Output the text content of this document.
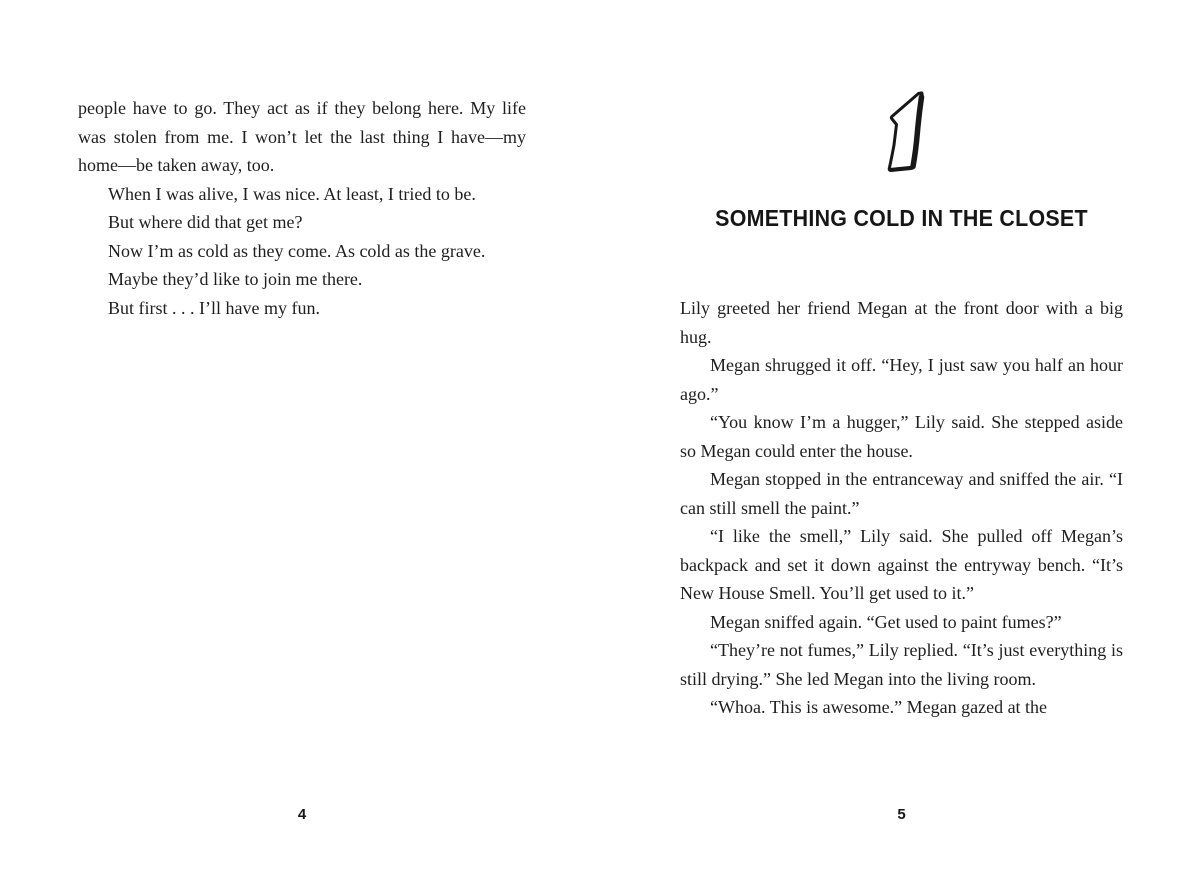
people have to go. They act as if they belong here. My life was stolen from me. I won’t let the last thing I have—my home—be taken away, too.

When I was alive, I was nice. At least, I tried to be.

But where did that get me?

Now I’m as cold as they come. As cold as the grave.

Maybe they’d like to join me there.

But first . . . I’ll have my fun.

4
SOMETHING COLD IN THE CLOSET

Lily greeted her friend Megan at the front door with a big hug.

Megan shrugged it off. “Hey, I just saw you half an hour ago.”

“You know I’m a hugger,” Lily said. She stepped aside so Megan could enter the house.

Megan stopped in the entranceway and sniffed the air. “I can still smell the paint.”

“I like the smell,” Lily said. She pulled off Megan’s backpack and set it down against the entryway bench. “It’s New House Smell. You’ll get used to it.”

Megan sniffed again. “Get used to paint fumes?”

“They’re not fumes,” Lily replied. “It’s just everything is still drying.” She led Megan into the living room.

“Whoa. This is awesome.” Megan gazed at the

5
